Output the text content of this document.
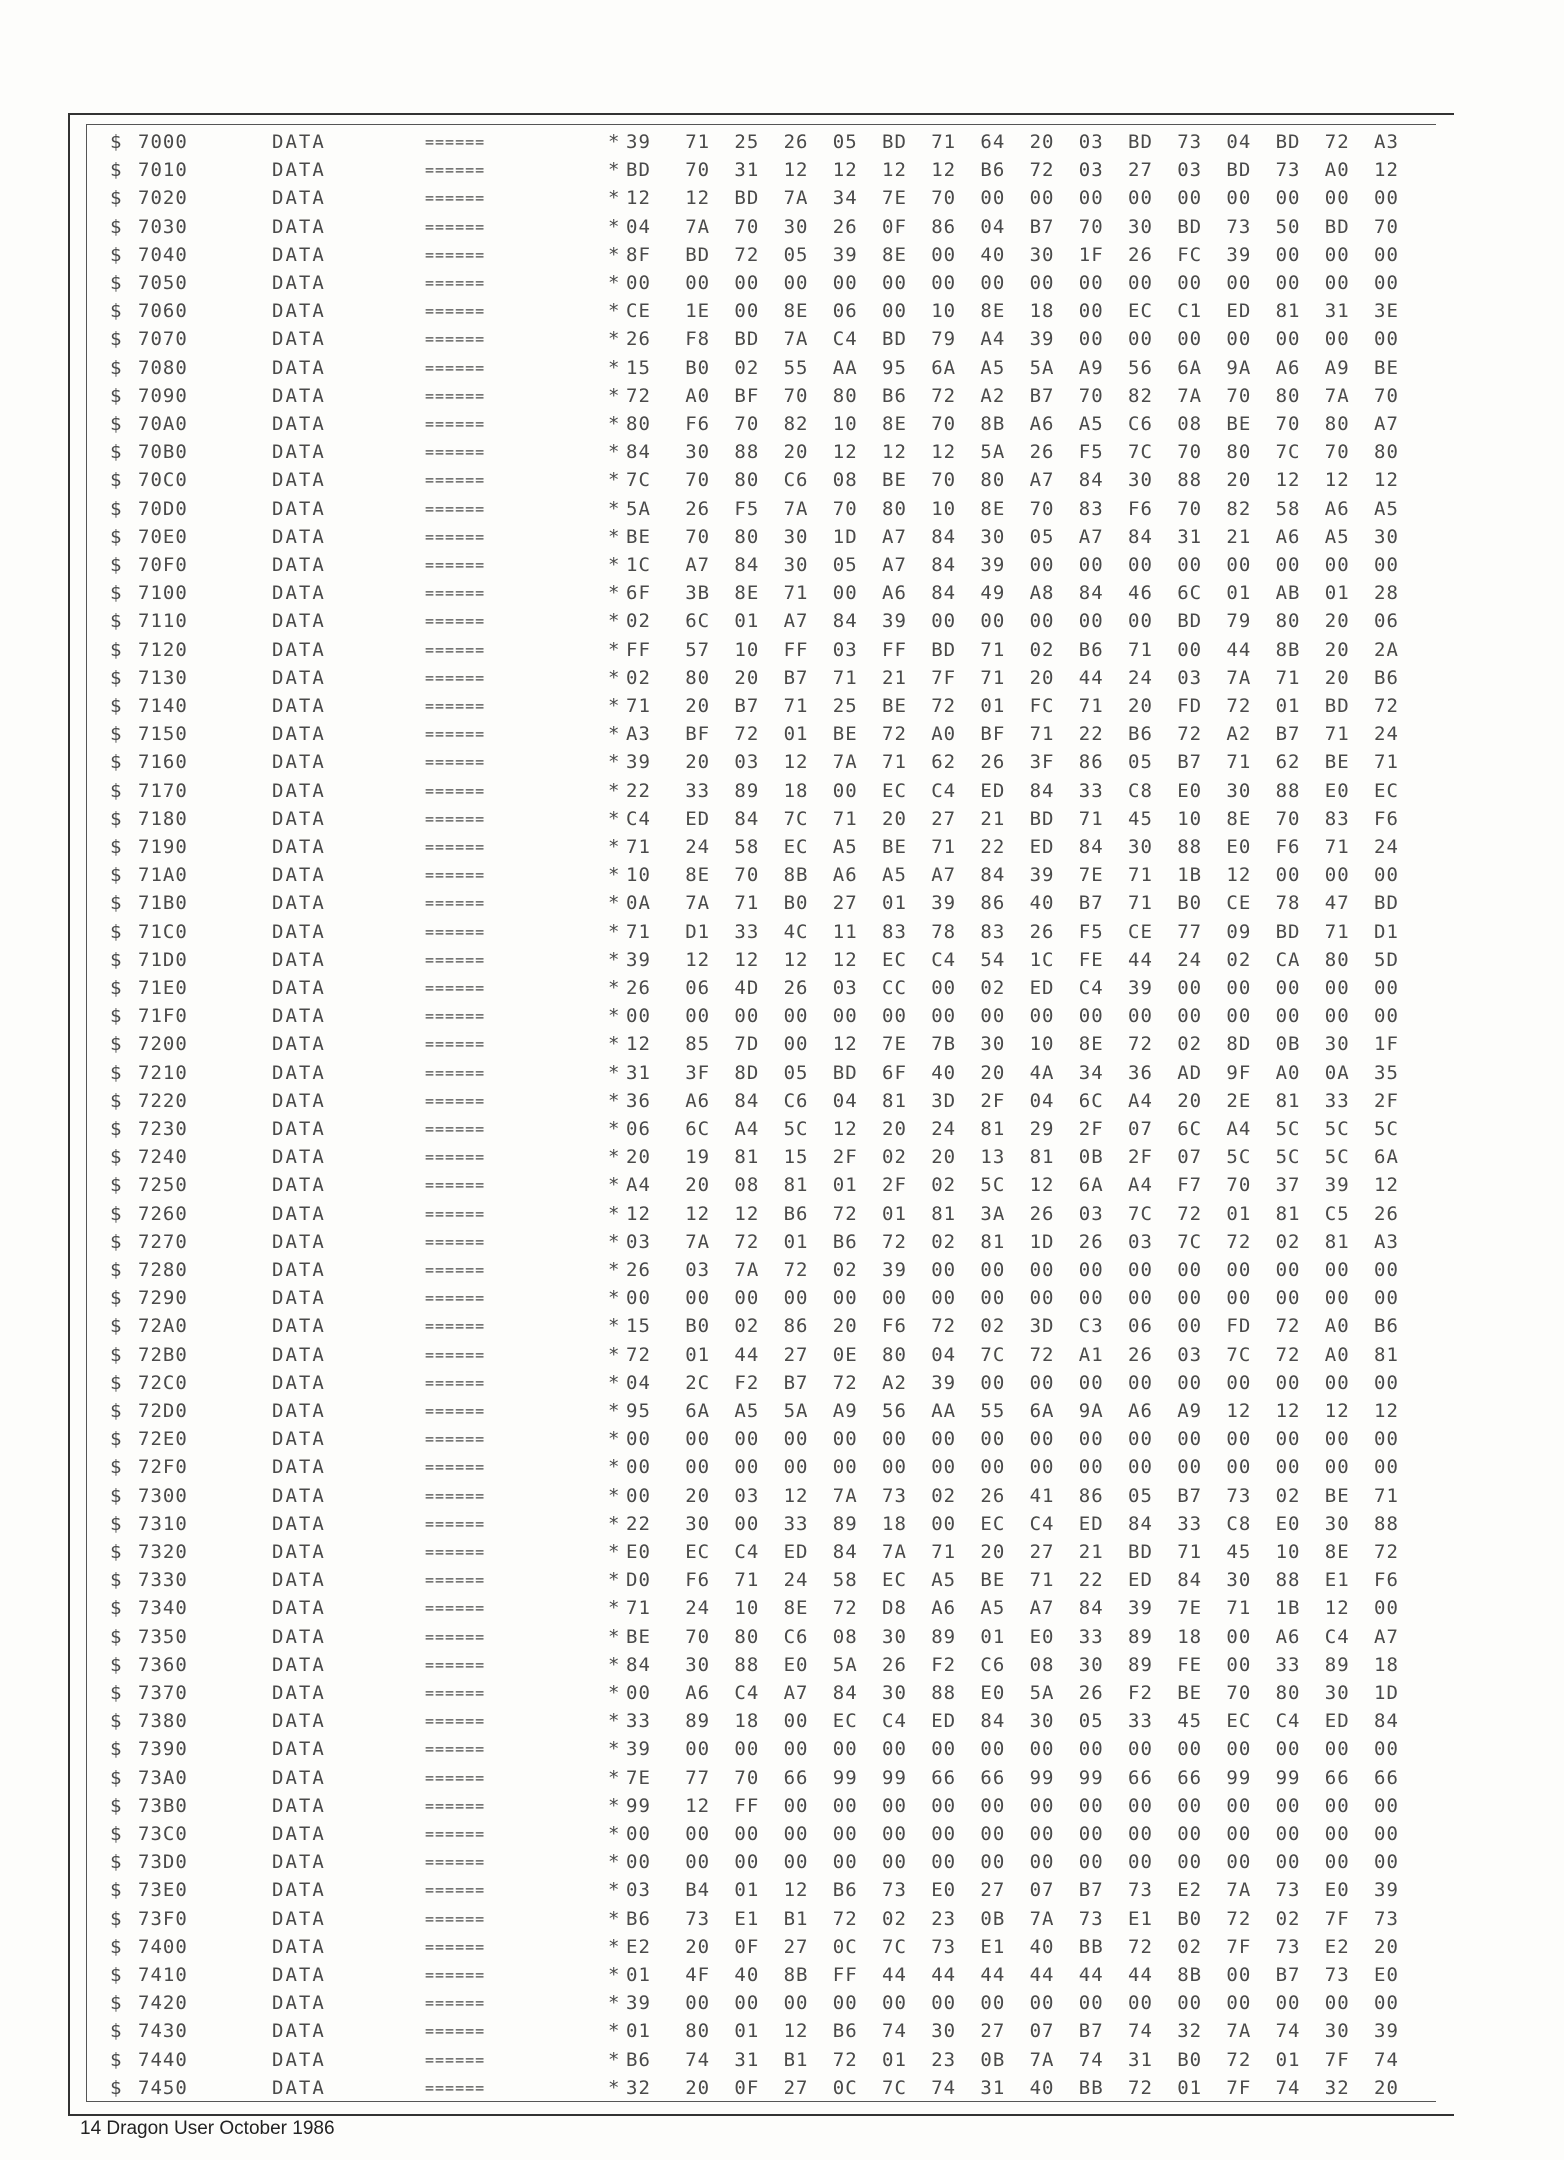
$ 7000	DATA	======	* 39 71 25 26 05 BD 71 64 20 03 BD 73 04 BD 72 A3
$ 7010	DATA	======	* BD 70 31 12 12 12 12 B6 72 03 27 03 BD 73 A0 12
$ 7020	DATA	======	* 12 12 BD 7A 34 7E 70 00 00 00 00 00 00 00 00 00
$ 7030	DATA	======	* 04 7A 70 30 26 0F 86 04 B7 70 30 BD 73 50 BD 70
$ 7040	DATA	======	* 8F BD 72 05 39 8E 00 40 30 1F 26 FC 39 00 00 00
$ 7050	DATA	======	* 00 00 00 00 00 00 00 00 00 00 00 00 00 00 00 00
$ 7060	DATA	======	* CE 1E 00 8E 06 00 10 8E 18 00 EC C1 ED 81 31 3E
$ 7070	DATA	======	* 26 F8 BD 7A C4 BD 79 A4 39 00 00 00 00 00 00 00
$ 7080	DATA	======	* 15 B0 02 55 AA 95 6A A5 5A A9 56 6A 9A A6 A9 BE
$ 7090	DATA	======	* 72 A0 BF 70 80 B6 72 A2 B7 70 82 7A 70 80 7A 70
$ 70A0	DATA	======	* 80 F6 70 82 10 8E 70 8B A6 A5 C6 08 BE 70 80 A7
$ 70B0	DATA	======	* 84 30 88 20 12 12 12 5A 26 F5 7C 70 80 7C 70 80
$ 70C0	DATA	======	* 7C 70 80 C6 08 BE 70 80 A7 84 30 88 20 12 12 12
$ 70D0	DATA	======	* 5A 26 F5 7A 70 80 10 8E 70 83 F6 70 82 58 A6 A5
$ 70E0	DATA	======	* BE 70 80 30 1D A7 84 30 05 A7 84 31 21 A6 A5 30
$ 70F0	DATA	======	* 1C A7 84 30 05 A7 84 39 00 00 00 00 00 00 00 00
$ 7100	DATA	======	* 6F 3B 8E 71 00 A6 84 49 A8 84 46 6C 01 AB 01 28
$ 7110	DATA	======	* 02 6C 01 A7 84 39 00 00 00 00 00 BD 79 80 20 06
$ 7120	DATA	======	* FF 57 10 FF 03 FF BD 71 02 B6 71 00 44 8B 20 2A
$ 7130	DATA	======	* 02 80 20 B7 71 21 7F 71 20 44 24 03 7A 71 20 B6
$ 7140	DATA	======	* 71 20 B7 71 25 BE 72 01 FC 71 20 FD 72 01 BD 72
$ 7150	DATA	======	* A3 BF 72 01 BE 72 A0 BF 71 22 B6 72 A2 B7 71 24
$ 7160	DATA	======	* 39 20 03 12 7A 71 62 26 3F 86 05 B7 71 62 BE 71
$ 7170	DATA	======	* 22 33 89 18 00 EC C4 ED 84 33 C8 E0 30 88 E0 EC
$ 7180	DATA	======	* C4 ED 84 7C 71 20 27 21 BD 71 45 10 8E 70 83 F6
$ 7190	DATA	======	* 71 24 58 EC A5 BE 71 22 ED 84 30 88 E0 F6 71 24
$ 71A0	DATA	======	* 10 8E 70 8B A6 A5 A7 84 39 7E 71 1B 12 00 00 00
$ 71B0	DATA	======	* 0A 7A 71 B0 27 01 39 86 40 B7 71 B0 CE 78 47 BD
$ 71C0	DATA	======	* 71 D1 33 4C 11 83 78 83 26 F5 CE 77 09 BD 71 D1
$ 71D0	DATA	======	* 39 12 12 12 12 EC C4 54 1C FE 44 24 02 CA 80 5D
$ 71E0	DATA	======	* 26 06 4D 26 03 CC 00 02 ED C4 39 00 00 00 00 00
$ 71F0	DATA	======	* 00 00 00 00 00 00 00 00 00 00 00 00 00 00 00 00
$ 7200	DATA	======	* 12 85 7D 00 12 7E 7B 30 10 8E 72 02 8D 0B 30 1F
$ 7210	DATA	======	* 31 3F 8D 05 BD 6F 40 20 4A 34 36 AD 9F A0 0A 35
$ 7220	DATA	======	* 36 A6 84 C6 04 81 3D 2F 04 6C A4 20 2E 81 33 2F
$ 7230	DATA	======	* 06 6C A4 5C 12 20 24 81 29 2F 07 6C A4 5C 5C 5C
$ 7240	DATA	======	* 20 19 81 15 2F 02 20 13 81 0B 2F 07 5C 5C 5C 6A
$ 7250	DATA	======	* A4 20 08 81 01 2F 02 5C 12 6A A4 F7 70 37 39 12
$ 7260	DATA	======	* 12 12 12 B6 72 01 81 3A 26 03 7C 72 01 81 C5 26
$ 7270	DATA	======	* 03 7A 72 01 B6 72 02 81 1D 26 03 7C 72 02 81 A3
$ 7280	DATA	======	* 26 03 7A 72 02 39 00 00 00 00 00 00 00 00 00 00
$ 7290	DATA	======	* 00 00 00 00 00 00 00 00 00 00 00 00 00 00 00 00
$ 72A0	DATA	======	* 15 B0 02 86 20 F6 72 02 3D C3 06 00 FD 72 A0 B6
$ 72B0	DATA	======	* 72 01 44 27 0E 80 04 7C 72 A1 26 03 7C 72 A0 81
$ 72C0	DATA	======	* 04 2C F2 B7 72 A2 39 00 00 00 00 00 00 00 00 00
$ 72D0	DATA	======	* 95 6A A5 5A A9 56 AA 55 6A 9A A6 A9 12 12 12 12
$ 72E0	DATA	======	* 00 00 00 00 00 00 00 00 00 00 00 00 00 00 00 00
$ 72F0	DATA	======	* 00 00 00 00 00 00 00 00 00 00 00 00 00 00 00 00
$ 7300	DATA	======	* 00 20 03 12 7A 73 02 26 41 86 05 B7 73 02 BE 71
$ 7310	DATA	======	* 22 30 00 33 89 18 00 EC C4 ED 84 33 C8 E0 30 88
$ 7320	DATA	======	* E0 EC C4 ED 84 7A 71 20 27 21 BD 71 45 10 8E 72
$ 7330	DATA	======	* D0 F6 71 24 58 EC A5 BE 71 22 ED 84 30 88 E1 F6
$ 7340	DATA	======	* 71 24 10 8E 72 D8 A6 A5 A7 84 39 7E 71 1B 12 00
$ 7350	DATA	======	* BE 70 80 C6 08 30 89 01 E0 33 89 18 00 A6 C4 A7
$ 7360	DATA	======	* 84 30 88 E0 5A 26 F2 C6 08 30 89 FE 00 33 89 18
$ 7370	DATA	======	* 00 A6 C4 A7 84 30 88 E0 5A 26 F2 BE 70 80 30 1D
$ 7380	DATA	======	* 33 89 18 00 EC C4 ED 84 30 05 33 45 EC C4 ED 84
$ 7390	DATA	======	* 39 00 00 00 00 00 00 00 00 00 00 00 00 00 00 00
$ 73A0	DATA	======	* 7E 77 70 66 99 99 66 66 99 99 66 66 99 99 66 66
$ 73B0	DATA	======	* 99 12 FF 00 00 00 00 00 00 00 00 00 00 00 00 00
$ 73C0	DATA	======	* 00 00 00 00 00 00 00 00 00 00 00 00 00 00 00 00
$ 73D0	DATA	======	* 00 00 00 00 00 00 00 00 00 00 00 00 00 00 00 00
$ 73E0	DATA	======	* 03 B4 01 12 B6 73 E0 27 07 B7 73 E2 7A 73 E0 39
$ 73F0	DATA	======	* B6 73 E1 B1 72 02 23 0B 7A 73 E1 B0 72 02 7F 73
$ 7400	DATA	======	* E2 20 0F 27 0C 7C 73 E1 40 BB 72 02 7F 73 E2 20
$ 7410	DATA	======	* 01 4F 40 8B FF 44 44 44 44 44 44 8B 00 B7 73 E0
$ 7420	DATA	======	* 39 00 00 00 00 00 00 00 00 00 00 00 00 00 00 00
$ 7430	DATA	======	* 01 80 01 12 B6 74 30 27 07 B7 74 32 7A 74 30 39
$ 7440	DATA	======	* B6 74 31 B1 72 01 23 0B 7A 74 31 B0 72 01 7F 74
$ 7450	DATA	======	* 32 20 0F 27 0C 7C 74 31 40 BB 72 01 7F 74 32 20
14 Dragon User October 1986
